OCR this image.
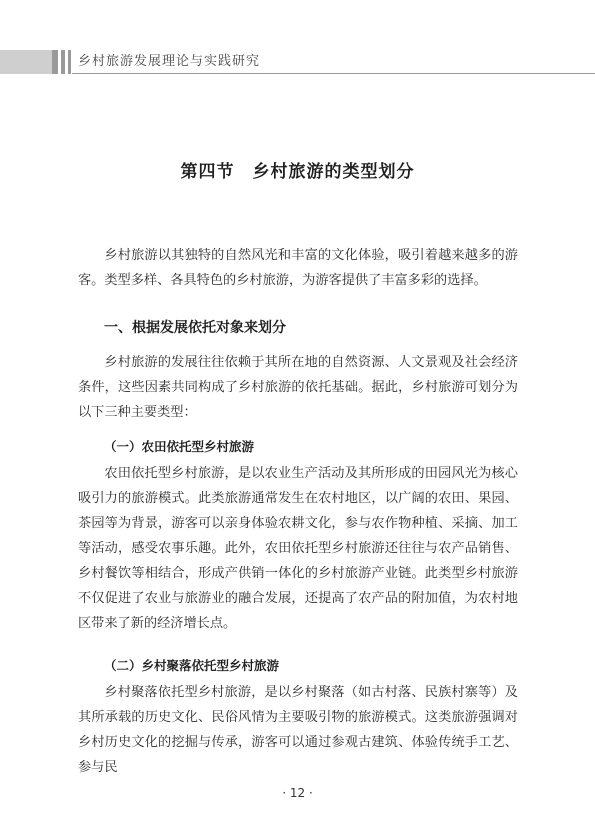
乡村旅游发展理论与实践研究
第四节 乡村旅游的类型划分

乡村旅游以其独特的自然风光和丰富的文化体验，吸引着越来越多的游客。类型多样、各具特色的乡村旅游，为游客提供了丰富多彩的选择。

一、根据发展依托对象来划分

乡村旅游的发展往往依赖于其所在地的自然资源、人文景观及社会经济条件，这些因素共同构成了乡村旅游的依托基础。据此，乡村旅游可划分为以下三种主要类型：

（一）农田依托型乡村旅游

农田依托型乡村旅游，是以农业生产活动及其所形成的田园风光为核心吸引力的旅游模式。此类旅游通常发生在农村地区，以广阔的农田、果园、茶园等为背景，游客可以亲身体验农耕文化，参与农作物种植、采摘、加工等活动，感受农事乐趣。此外，农田依托型乡村旅游还往往与农产品销售、乡村餐饮等相结合，形成产供销一体化的乡村旅游产业链。此类型乡村旅游不仅促进了农业与旅游业的融合发展，还提高了农产品的附加值，为农村地区带来了新的经济增长点。

（二）乡村聚落依托型乡村旅游

乡村聚落依托型乡村旅游，是以乡村聚落（如古村落、民族村寨等）及其所承载的历史文化、民俗风情为主要吸引物的旅游模式。这类旅游强调对乡村历史文化的挖掘与传承，游客可以通过参观古建筑、体验传统手工艺、参与民

· 12 ·
